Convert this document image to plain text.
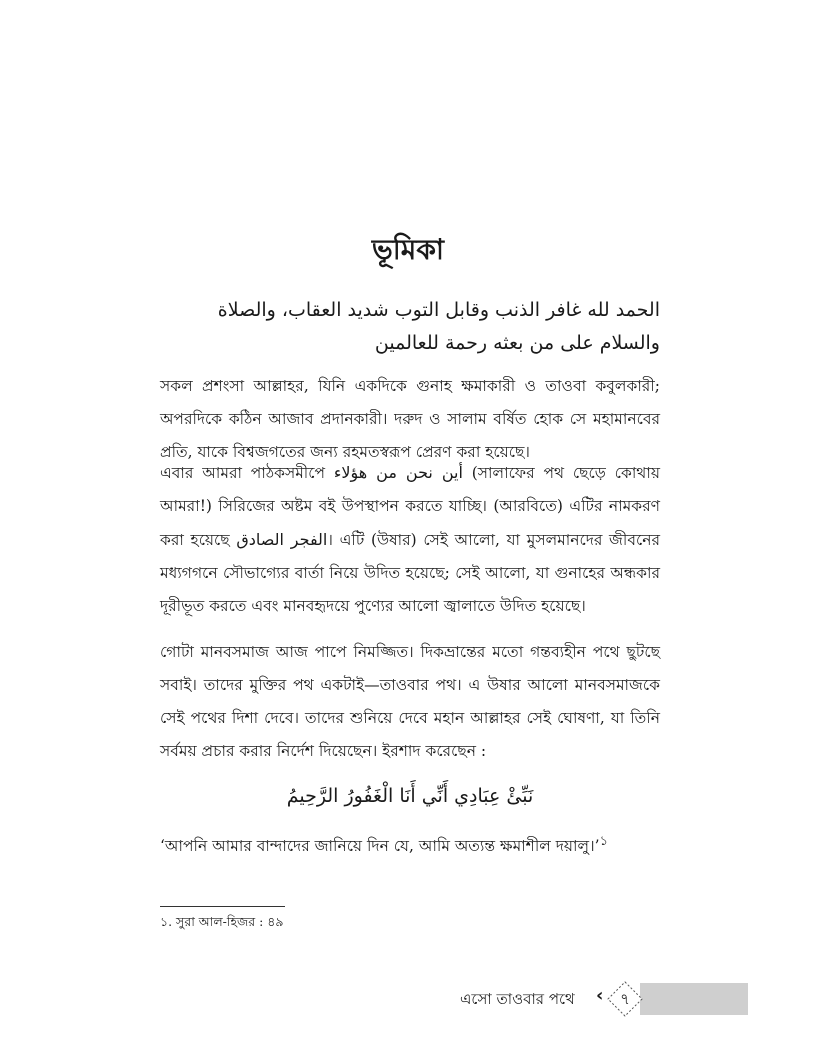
ভূমিকা

الحمد لله غافر الذنب وقابل التوب شديد العقاب، والصلاة والسلام على من بعثه رحمة للعالمين

সকল প্রশংসা আল্লাহর, যিনি একদিকে গুনাহ ক্ষমাকারী ও তাওবা কবুলকারী; অপরদিকে কঠিন আজাব প্রদানকারী। দরুদ ও সালাম বর্ষিত হোক সে মহামানবের প্রতি, যাকে বিশ্বজগতের জন্য রহমতস্বরূপ প্রেরণ করা হয়েছে।

এবার আমরা পাঠকসমীপে أين نحن من هؤلاء (সালাফের পথ ছেড়ে কোথায় আমরা!) সিরিজের অষ্টম বই উপস্থাপন করতে যাচ্ছি। (আরবিতে) এটির নামকরণ করা হয়েছে الفجر الصادق। এটি (উষার) সেই আলো, যা মুসলমানদের জীবনের মধ্যগগনে সৌভাগ্যের বার্তা নিয়ে উদিত হয়েছে; সেই আলো, যা গুনাহের অন্ধকার দূরীভূত করতে এবং মানবহৃদয়ে পুণ্যের আলো জ্বালাতে উদিত হয়েছে।

গোটা মানবসমাজ আজ পাপে নিমজ্জিত। দিকভ্রান্তের মতো গন্তব্যহীন পথে ছুটছে সবাই। তাদের মুক্তির পথ একটাই—তাওবার পথ। এ উষার আলো মানবসমাজকে সেই পথের দিশা দেবে। তাদের শুনিয়ে দেবে মহান আল্লাহর সেই ঘোষণা, যা তিনি সর্বময় প্রচার করার নির্দেশ দিয়েছেন। ইরশাদ করেছেন :

نَبِّئْ عِبَادِي أَنِّي أَنَا الْغَفُورُ الرَّحِيمُ

‘আপনি আমার বান্দাদের জানিয়ে দিন যে, আমি অত্যন্ত ক্ষমাশীল দয়ালু।’$^১$

১. সুরা আল-হিজর : ৪৯

এসো তাওবার পথে ‹	৭
